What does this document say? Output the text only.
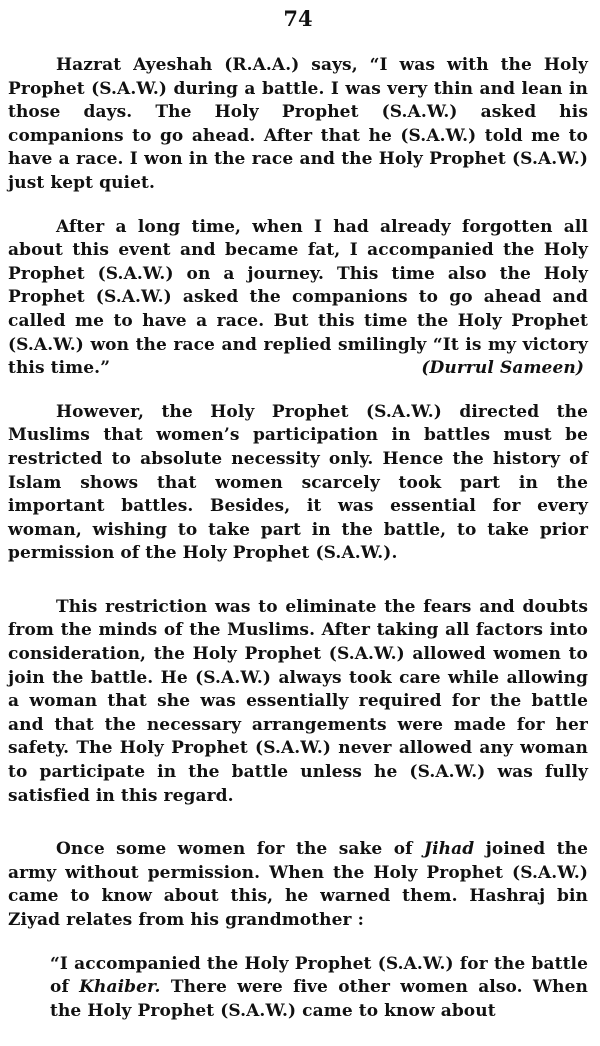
74

Hazrat Ayeshah (R.A.A.) says, “I was with the Holy Prophet (S.A.W.) during a battle. I was very thin and lean in those days. The Holy Prophet (S.A.W.) asked his companions to go ahead. After that he (S.A.W.) told me to have a race. I won in the race and the Holy Prophet (S.A.W.) just kept quiet.

After a long time, when I had already forgotten all about this event and became fat, I accompanied the Holy Prophet (S.A.W.) on a journey. This time also the Holy Prophet (S.A.W.) asked the companions to go ahead and called me to have a race. But this time the Holy Prophet (S.A.W.) won the race and replied smilingly “It is my victory this time.”	(Durrul Sameen)

However, the Holy Prophet (S.A.W.) directed the Muslims that women’s participation in battles must be restricted to absolute necessity only. Hence the history of Islam shows that women scarcely took part in the important battles. Besides, it was essential for every woman, wishing to take part in the battle, to take prior permission of the Holy Prophet (S.A.W.).

This restriction was to eliminate the fears and doubts from the minds of the Muslims. After taking all factors into consideration, the Holy Prophet (S.A.W.) allowed women to join the battle. He (S.A.W.) always took care while allowing a woman that she was essentially required for the battle and that the necessary arrangements were made for her safety. The Holy Prophet (S.A.W.) never allowed any woman to participate in the battle unless he (S.A.W.) was fully satisfied in this regard.

Once some women for the sake of Jihad joined the army without permission. When the Holy Prophet (S.A.W.) came to know about this, he warned them. Hashraj bin Ziyad relates from his grandmother :

“I accompanied the Holy Prophet (S.A.W.) for the battle of Khaiber. There were five other women also. When the Holy Prophet (S.A.W.) came to know about
